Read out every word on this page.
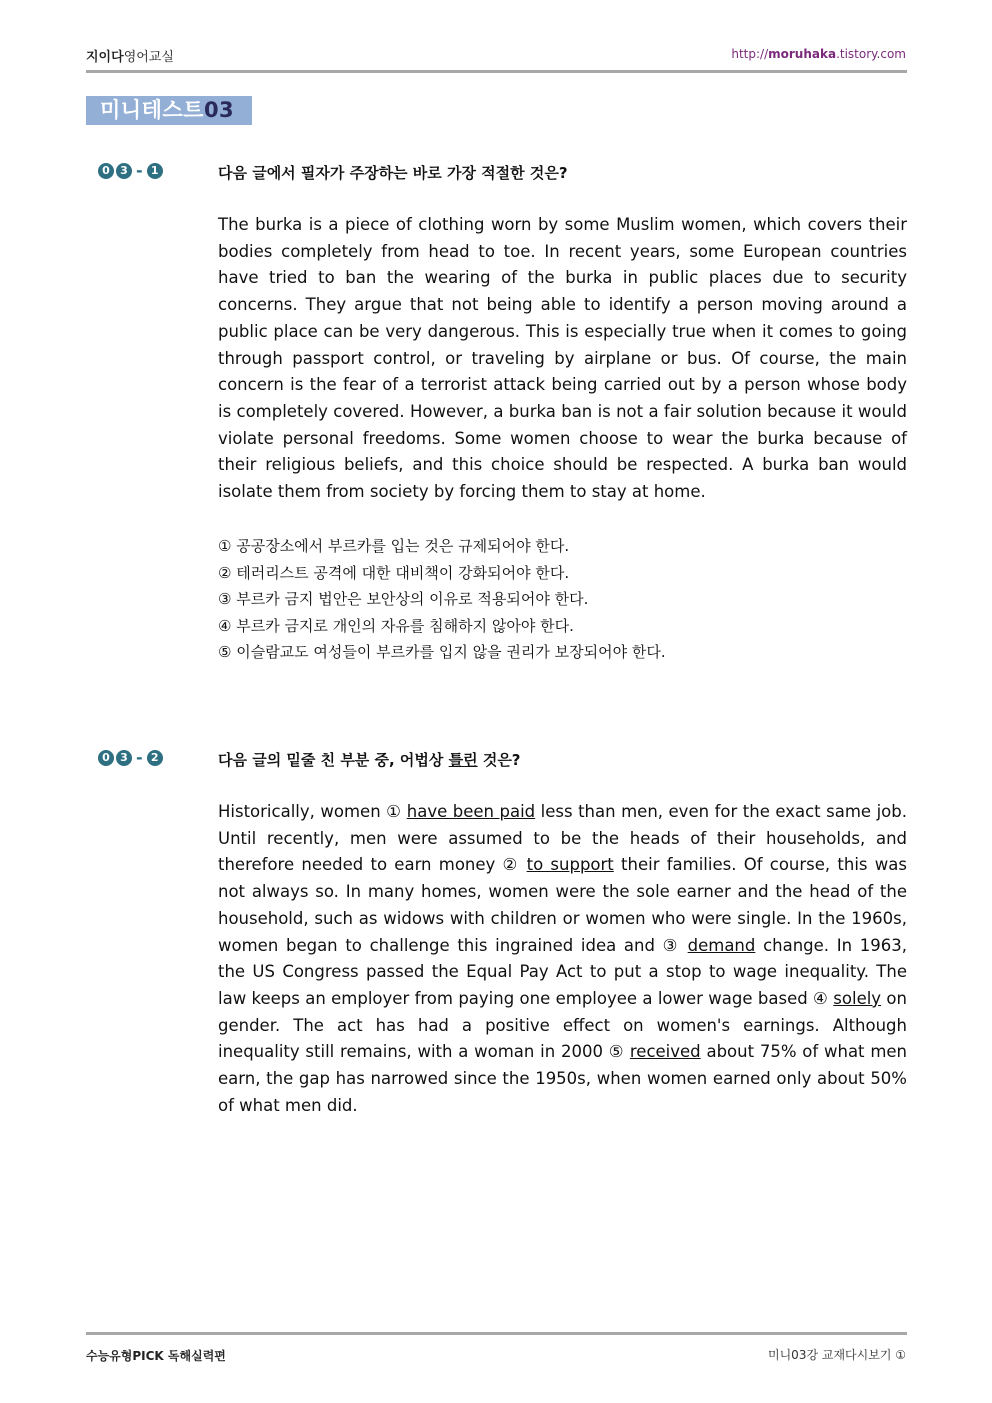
지이다영어교실	http://moruhaka.tistory.com
미니테스트03
0 3 - 1	다음 글에서 필자가 주장하는 바로 가장 적절한 것은?

The burka is a piece of clothing worn by some Muslim women, which covers their bodies completely from head to toe. In recent years, some European countries have tried to ban the wearing of the burka in public places due to security concerns. They argue that not being able to identify a person moving around a public place can be very dangerous. This is especially true when it comes to going through passport control, or traveling by airplane or bus. Of course, the main concern is the fear of a terrorist attack being carried out by a person whose body is completely covered. However, a burka ban is not a fair solution because it would violate personal freedoms. Some women choose to wear the burka because of their religious beliefs, and this choice should be respected. A burka ban would isolate them from society by forcing them to stay at home.

① 공공장소에서 부르카를 입는 것은 규제되어야 한다.
② 테러리스트 공격에 대한 대비책이 강화되어야 한다.
③ 부르카 금지 법안은 보안상의 이유로 적용되어야 한다.
④ 부르카 금지로 개인의 자유를 침해하지 않아야 한다.
⑤ 이슬람교도 여성들이 부르카를 입지 않을 권리가 보장되어야 한다.
0 3 - 2	다음 글의 밑줄 친 부분 중, 어법상 틀린 것은?

Historically, women ① have been paid less than men, even for the exact same job. Until recently, men were assumed to be the heads of their households, and therefore needed to earn money ② to support their families. Of course, this was not always so. In many homes, women were the sole earner and the head of the household, such as widows with children or women who were single. In the 1960s, women began to challenge this ingrained idea and ③ demand change. In 1963, the US Congress passed the Equal Pay Act to put a stop to wage inequality. The law keeps an employer from paying one employee a lower wage based ④ solely on gender. The act has had a positive effect on women's earnings. Although inequality still remains, with a woman in 2000 ⑤ received about 75% of what men earn, the gap has narrowed since the 1950s, when women earned only about 50% of what men did.

수능유형PICK 독해실력편	미니03강 교재다시보기 ①
